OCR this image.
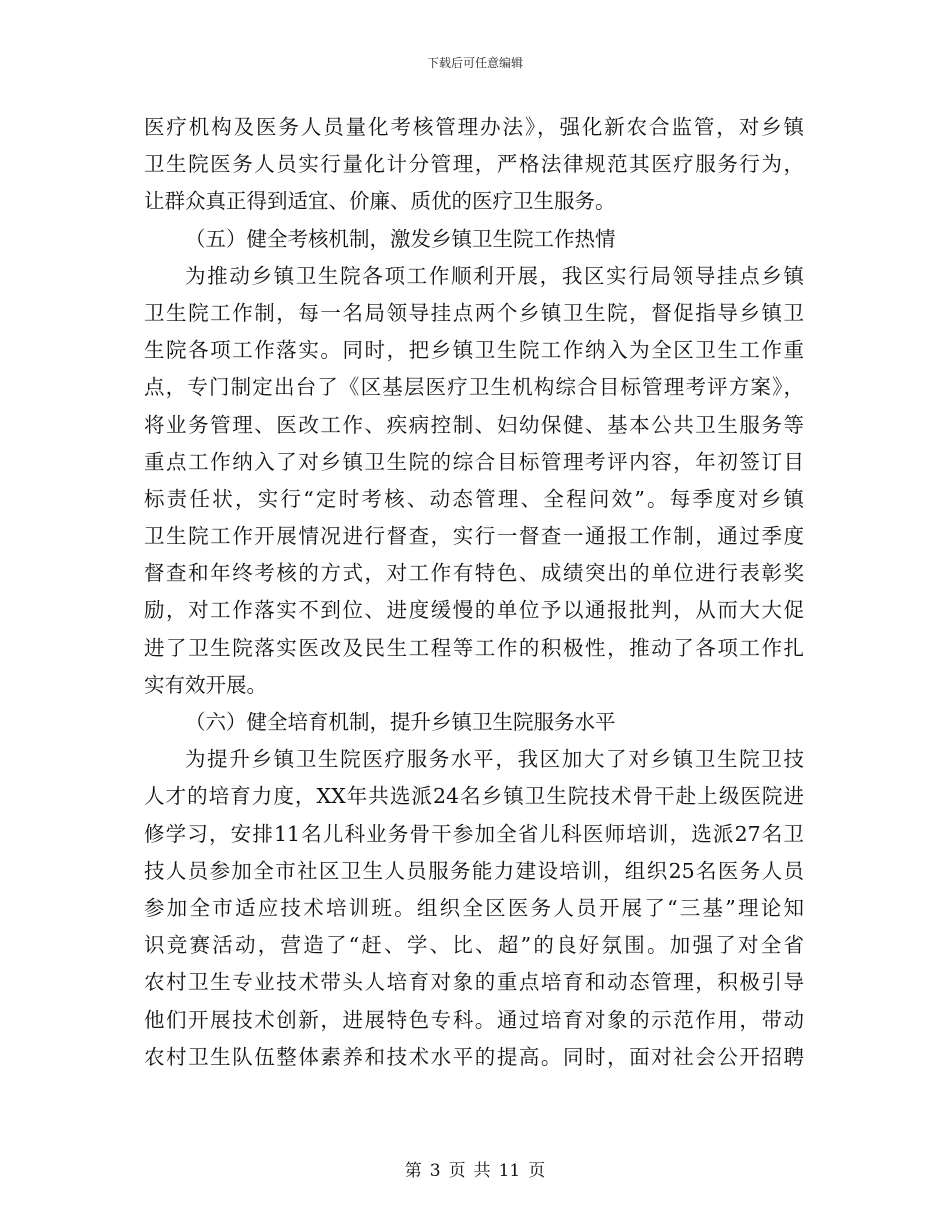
下载后可任意编辑
医疗机构及医务人员量化考核管理办法》，强化新农合监管，对乡镇
卫生院医务人员实行量化计分管理，严格法律规范其医疗服务行为，
让群众真正得到适宜、价廉、质优的医疗卫生服务。
（五）健全考核机制，激发乡镇卫生院工作热情
为推动乡镇卫生院各项工作顺利开展，我区实行局领导挂点乡镇
卫生院工作制，每一名局领导挂点两个乡镇卫生院，督促指导乡镇卫
生院各项工作落实。同时，把乡镇卫生院工作纳入为全区卫生工作重
点，专门制定出台了《区基层医疗卫生机构综合目标管理考评方案》，
将业务管理、医改工作、疾病控制、妇幼保健、基本公共卫生服务等
重点工作纳入了对乡镇卫生院的综合目标管理考评内容，年初签订目
标责任状，实行“定时考核、动态管理、全程问效”。每季度对乡镇
卫生院工作开展情况进行督查，实行一督查一通报工作制，通过季度
督查和年终考核的方式，对工作有特色、成绩突出的单位进行表彰奖
励，对工作落实不到位、进度缓慢的单位予以通报批判，从而大大促
进了卫生院落实医改及民生工程等工作的积极性，推动了各项工作扎
实有效开展。
（六）健全培育机制，提升乡镇卫生院服务水平
为提升乡镇卫生院医疗服务水平，我区加大了对乡镇卫生院卫技
人才的培育力度，XX年共选派24名乡镇卫生院技术骨干赴上级医院进
修学习，安排11名儿科业务骨干参加全省儿科医师培训，选派27名卫
技人员参加全市社区卫生人员服务能力建设培训，组织25名医务人员
参加全市适应技术培训班。组织全区医务人员开展了“三基”理论知
识竞赛活动，营造了“赶、学、比、超”的良好氛围。加强了对全省
农村卫生专业技术带头人培育对象的重点培育和动态管理，积极引导
他们开展技术创新，进展特色专科。通过培育对象的示范作用，带动
农村卫生队伍整体素养和技术水平的提高。同时，面对社会公开招聘
第 3 页 共 11 页
